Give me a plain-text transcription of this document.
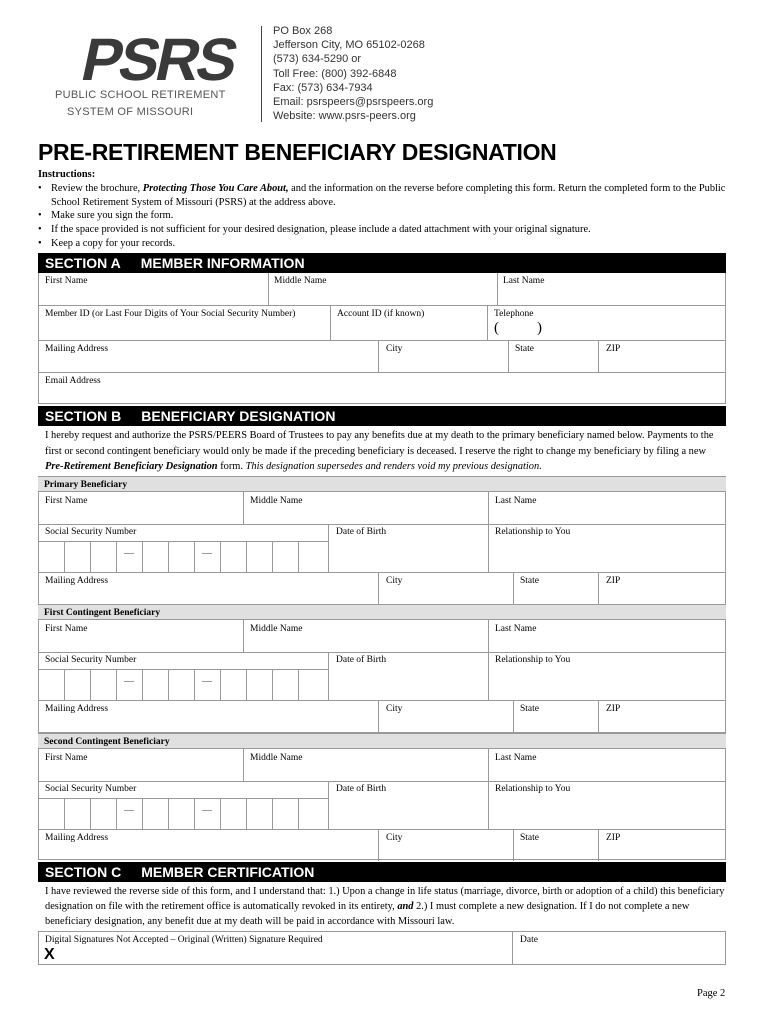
PSRS
PUBLIC SCHOOL RETIREMENT
SYSTEM OF MISSOURI
PO Box 268
Jefferson City, MO 65102-0268
(573) 634-5290 or
Toll Free: (800) 392-6848
Fax: (573) 634-7934
Email: psrspeers@psrspeers.org
Website: www.psrs-peers.org
PRE-RETIREMENT BENEFICIARY DESIGNATION
Instructions:
• Review the brochure, Protecting Those You Care About, and the information on the reverse before completing this form. Return the completed form to the Public School Retirement System of Missouri (PSRS) at the address above.
• Make sure you sign the form.
• If the space provided is not sufficient for your desired designation, please include a dated attachment with your original signature.
• Keep a copy for your records.
SECTION A MEMBER INFORMATION
First Name	Middle Name	Last Name
Member ID (or Last Four Digits of Your Social Security Number)	Account ID (if known)	Telephone
(	)
Mailing Address	City	State	ZIP
Email Address
SECTION B BENEFICIARY DESIGNATION
I hereby request and authorize the PSRS/PEERS Board of Trustees to pay any benefits due at my death to the primary beneficiary named below. Payments to the first or second contingent beneficiary would only be made if the preceding beneficiary is deceased. I reserve the right to change my beneficiary by filing a new Pre-Retirement Beneficiary Designation form. This designation supersedes and renders void my previous designation.
Primary Beneficiary
First Name	Middle Name	Last Name
Social Security Number
—	—
Date of Birth	Relationship to You
Mailing Address	City	State	ZIP
First Contingent Beneficiary
First Name	Middle Name	Last Name
Social Security Number
—	—
Date of Birth	Relationship to You
Mailing Address	City	State	ZIP
Second Contingent Beneficiary
First Name	Middle Name	Last Name
Social Security Number
—	—
Date of Birth	Relationship to You
Mailing Address	City	State	ZIP
SECTION C MEMBER CERTIFICATION
I have reviewed the reverse side of this form, and I understand that: 1.) Upon a change in life status (marriage, divorce, birth or adoption of a child) this beneficiary designation on file with the retirement office is automatically revoked in its entirety, and 2.) I must complete a new designation. If I do not complete a new beneficiary designation, any benefit due at my death will be paid in accordance with Missouri law.
Digital Signatures Not Accepted – Original (Written) Signature Required
X
Date
Page 2
